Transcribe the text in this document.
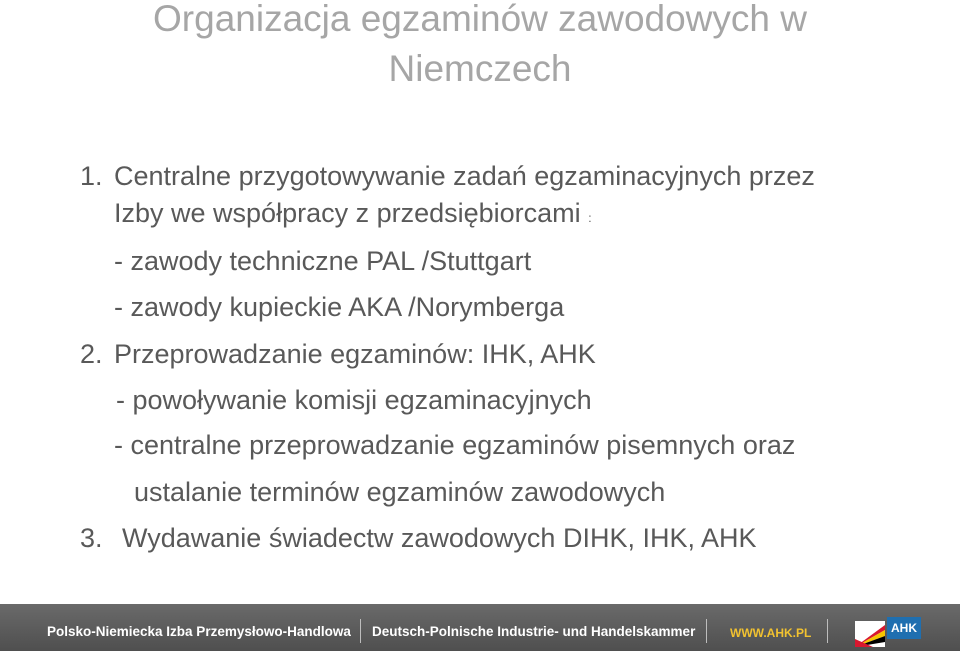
Organizacja egzaminów zawodowych w
Niemczech
1. Centralne przygotowywanie zadań egzaminacyjnych przez
Izby we współpracy z przedsiębiorcami :
- zawody techniczne PAL /Stuttgart
- zawody kupieckie AKA /Norymberga
2. Przeprowadzanie egzaminów: IHK, AHK
- powoływanie komisji egzaminacyjnych
- centralne przeprowadzanie egzaminów pisemnych oraz
ustalanie terminów egzaminów zawodowych
3. Wydawanie świadectw zawodowych DIHK, IHK, AHK
Polsko-Niemiecka Izba Przemysłowo-Handlowa Deutsch-Polnische Industrie- und Handelskammer	WWW.AHK.PL	AHK
